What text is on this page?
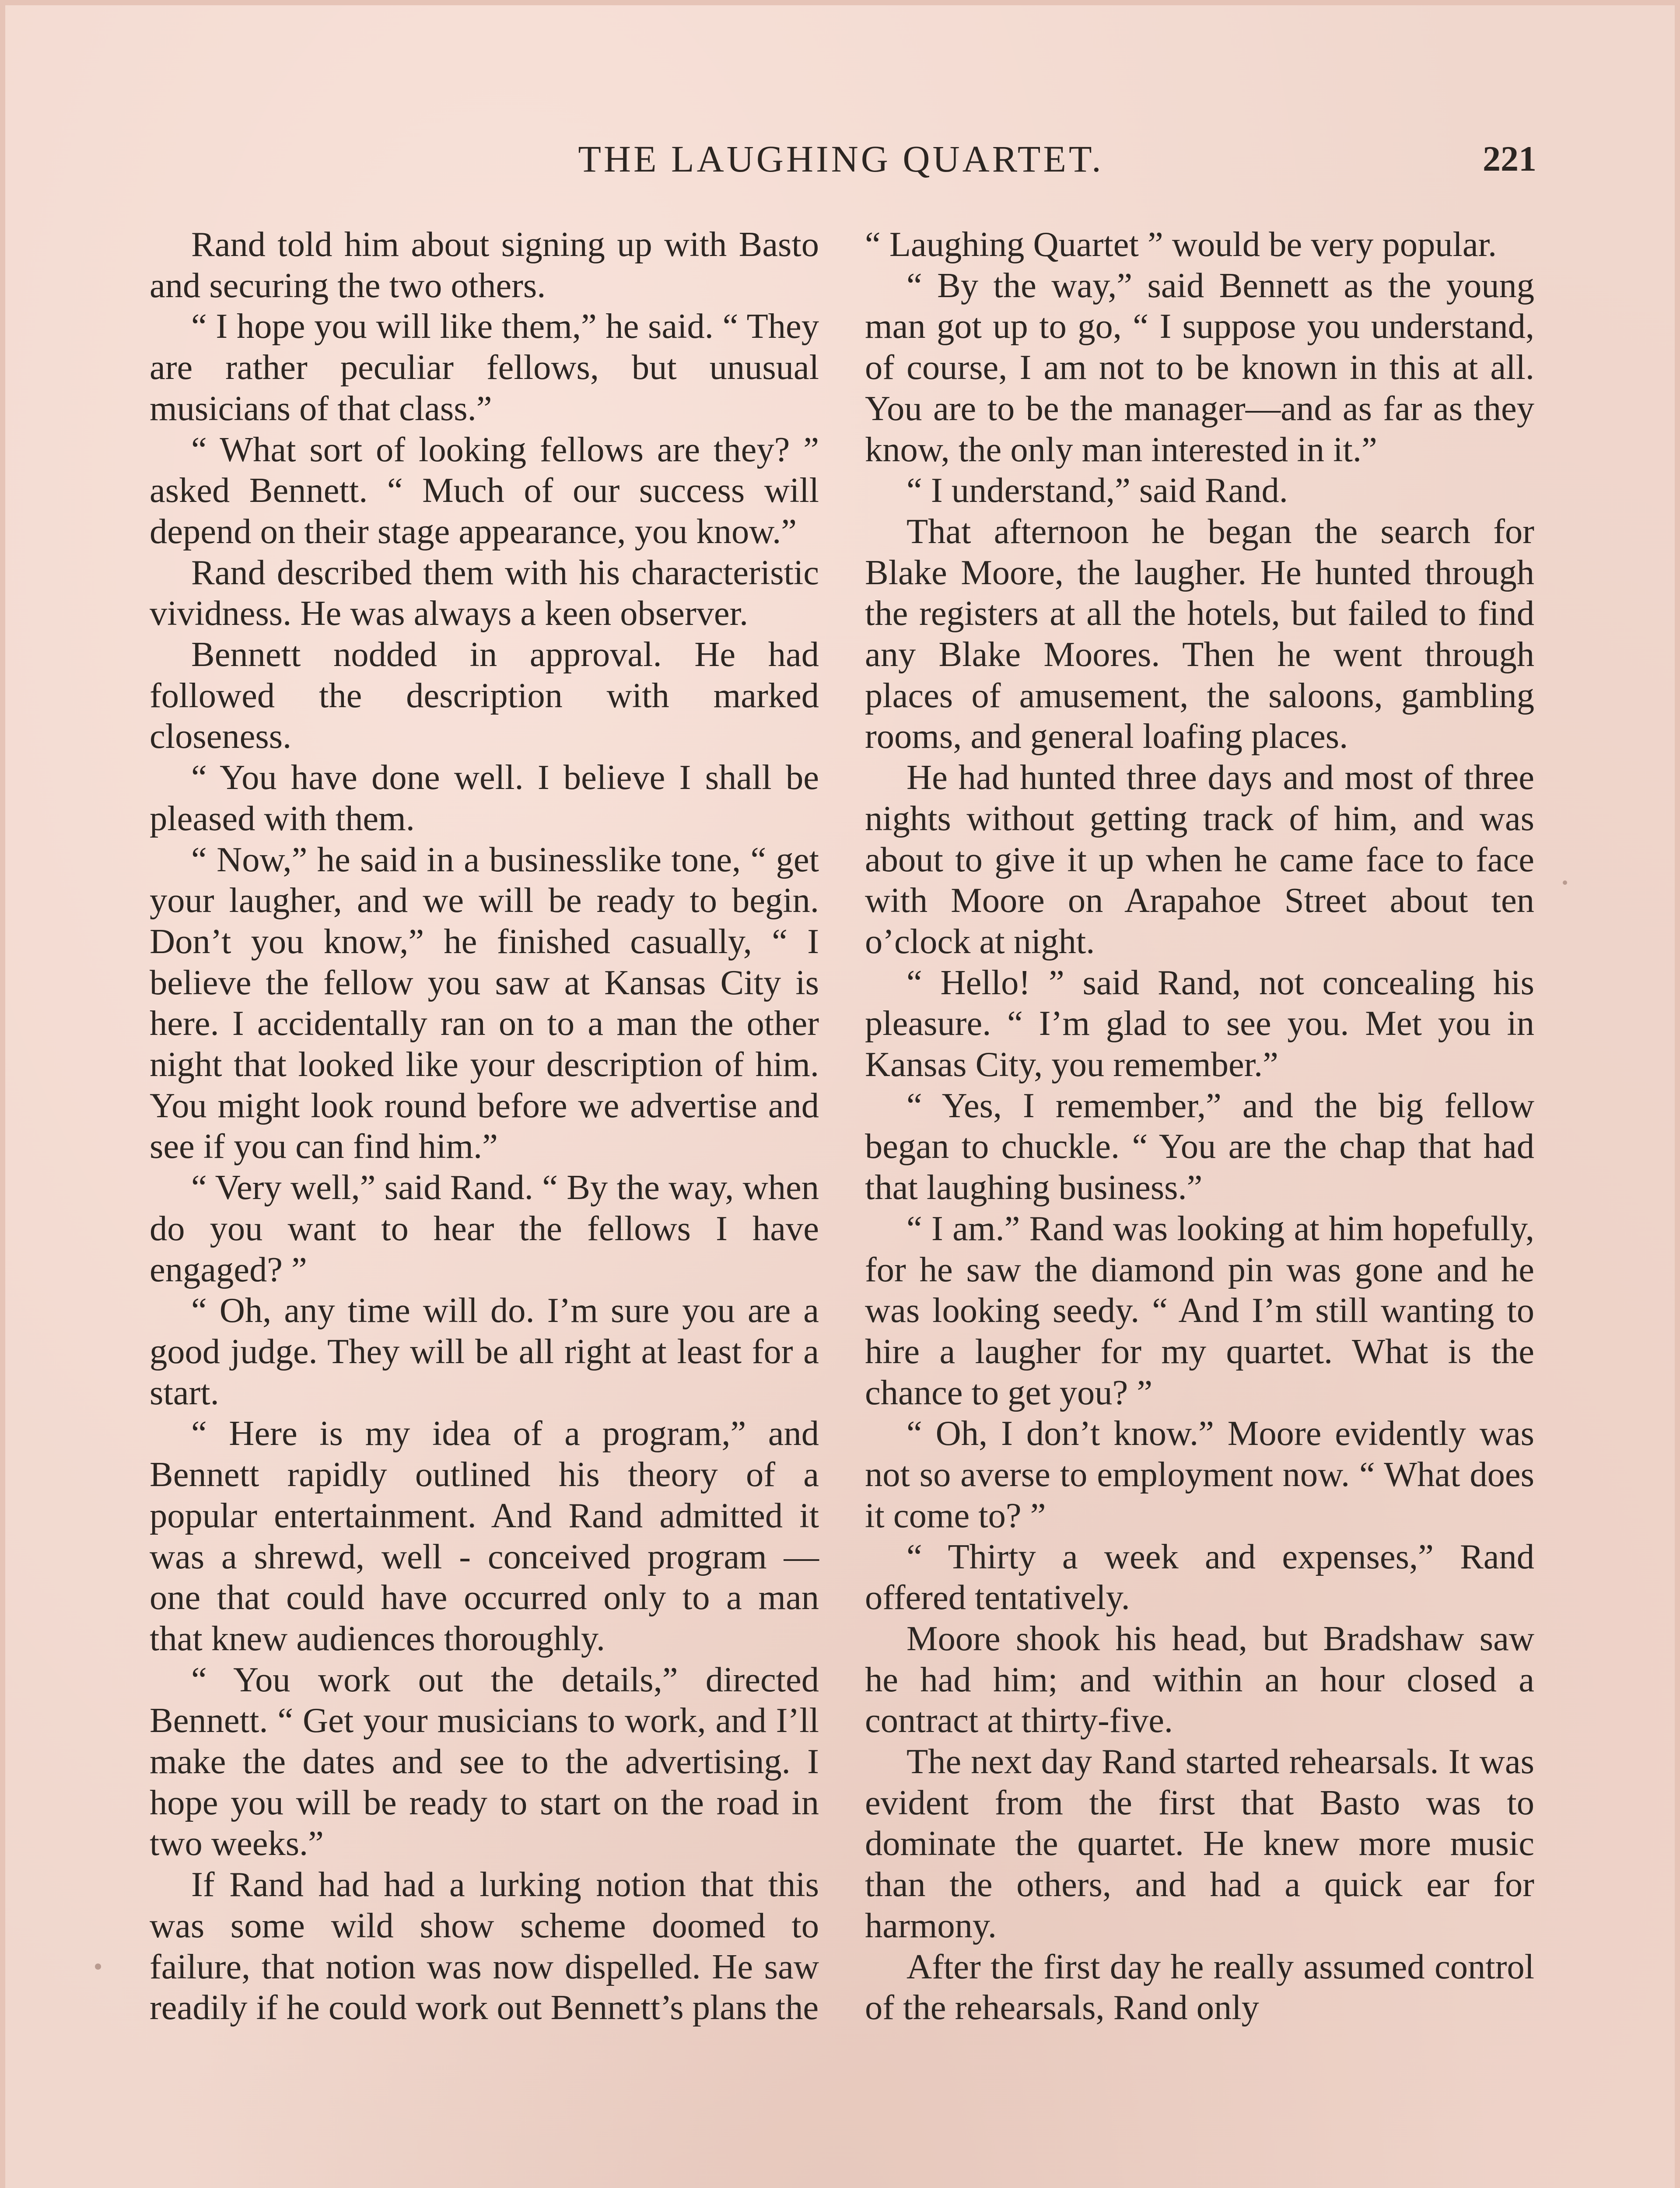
THE LAUGHING QUARTET.	221

Rand told him about signing up with Basto and securing the two others.

“ I hope you will like them,” he said. “ They are rather peculiar fellows, but unusual musicians of that class.”

“ What sort of looking fellows are they? ” asked Bennett. “ Much of our success will depend on their stage appearance, you know.”

Rand described them with his characteristic vividness. He was always a keen observer.

Bennett nodded in approval. He had followed the description with marked closeness.

“ You have done well. I believe I shall be pleased with them.

“ Now,” he said in a businesslike tone, “ get your laugher, and we will be ready to begin. Don’t you know,” he finished casually, “ I believe the fellow you saw at Kansas City is here. I accidentally ran on to a man the other night that looked like your description of him. You might look round before we advertise and see if you can find him.”

“ Very well,” said Rand. “ By the way, when do you want to hear the fellows I have engaged? ”

“ Oh, any time will do. I’m sure you are a good judge. They will be all right at least for a start.

“ Here is my idea of a program,” and Bennett rapidly outlined his theory of a popular entertainment. And Rand admitted it was a shrewd, well - conceived program — one that could have occurred only to a man that knew audiences thoroughly.

“ You work out the details,” directed Bennett. “ Get your musicians to work, and I’ll make the dates and see to the advertising. I hope you will be ready to start on the road in two weeks.”

If Rand had had a lurking notion that this was some wild show scheme doomed to failure, that notion was now dispelled. He saw readily if he could work out Bennett’s plans the

“ Laughing Quartet ” would be very popular.

“ By the way,” said Bennett as the young man got up to go, “ I suppose you understand, of course, I am not to be known in this at all. You are to be the manager—and as far as they know, the only man interested in it.”

“ I understand,” said Rand.

That afternoon he began the search for Blake Moore, the laugher. He hunted through the registers at all the hotels, but failed to find any Blake Moores. Then he went through places of amusement, the saloons, gambling rooms, and general loafing places.

He had hunted three days and most of three nights without getting track of him, and was about to give it up when he came face to face with Moore on Arapahoe Street about ten o’clock at night.

“ Hello! ” said Rand, not concealing his pleasure. “ I’m glad to see you. Met you in Kansas City, you remember.”

“ Yes, I remember,” and the big fellow began to chuckle. “ You are the chap that had that laughing business.”

“ I am.” Rand was looking at him hopefully, for he saw the diamond pin was gone and he was looking seedy. “ And I’m still wanting to hire a laugher for my quartet. What is the chance to get you? ”

“ Oh, I don’t know.” Moore evidently was not so averse to employment now. “ What does it come to? ”

“ Thirty a week and expenses,” Rand offered tentatively.

Moore shook his head, but Bradshaw saw he had him; and within an hour closed a contract at thirty-five.

The next day Rand started rehearsals. It was evident from the first that Basto was to dominate the quartet. He knew more music than the others, and had a quick ear for harmony.

After the first day he really assumed control of the rehearsals, Rand only
